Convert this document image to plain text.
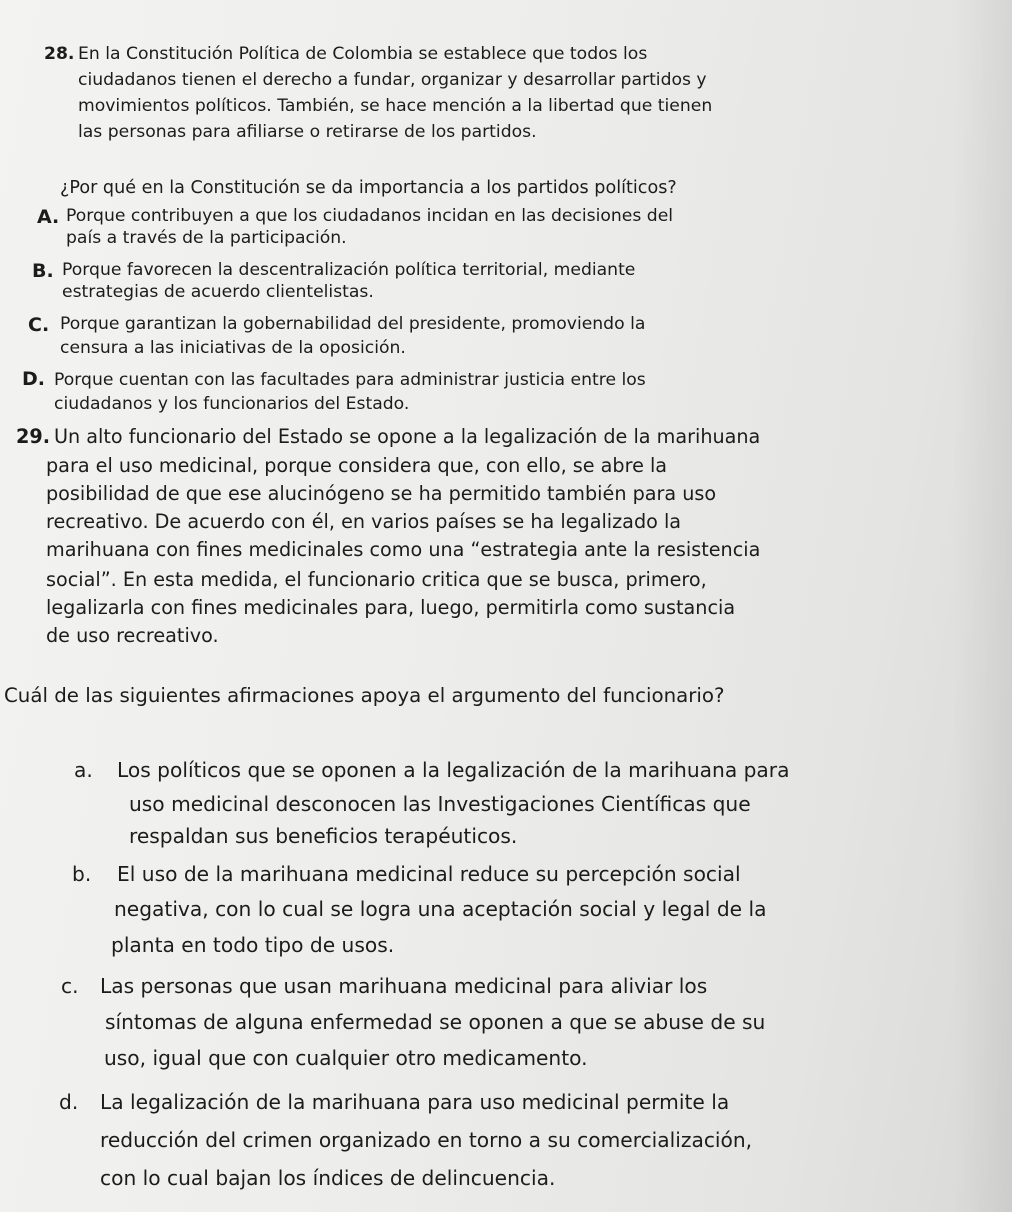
28. En la Constitución Política de Colombia se establece que todos los
ciudadanos tienen el derecho a fundar, organizar y desarrollar partidos y
movimientos políticos. También, se hace mención a la libertad que tienen
las personas para afiliarse o retirarse de los partidos.
¿Por qué en la Constitución se da importancia a los partidos políticos?
A. Porque contribuyen a que los ciudadanos incidan en las decisiones del
país a través de la participación.
B. Porque favorecen la descentralización política territorial, mediante
estrategias de acuerdo clientelistas.
C. Porque garantizan la gobernabilidad del presidente, promoviendo la
censura a las iniciativas de la oposición.
D. Porque cuentan con las facultades para administrar justicia entre los
ciudadanos y los funcionarios del Estado.
29. Un alto funcionario del Estado se opone a la legalización de la marihuana
para el uso medicinal, porque considera que, con ello, se abre la
posibilidad de que ese alucinógeno se ha permitido también para uso
recreativo. De acuerdo con él, en varios países se ha legalizado la
marihuana con fines medicinales como una “estrategia ante la resistencia
social”. En esta medida, el funcionario critica que se busca, primero,
legalizarla con fines medicinales para, luego, permitirla como sustancia
de uso recreativo.
Cuál de las siguientes afirmaciones apoya el argumento del funcionario?
a. Los políticos que se oponen a la legalización de la marihuana para
uso medicinal desconocen las Investigaciones Científicas que
respaldan sus beneficios terapéuticos.
b. El uso de la marihuana medicinal reduce su percepción social
negativa, con lo cual se logra una aceptación social y legal de la
planta en todo tipo de usos.
c. Las personas que usan marihuana medicinal para aliviar los
síntomas de alguna enfermedad se oponen a que se abuse de su
uso, igual que con cualquier otro medicamento.
d. La legalización de la marihuana para uso medicinal permite la
reducción del crimen organizado en torno a su comercialización,
con lo cual bajan los índices de delincuencia.
